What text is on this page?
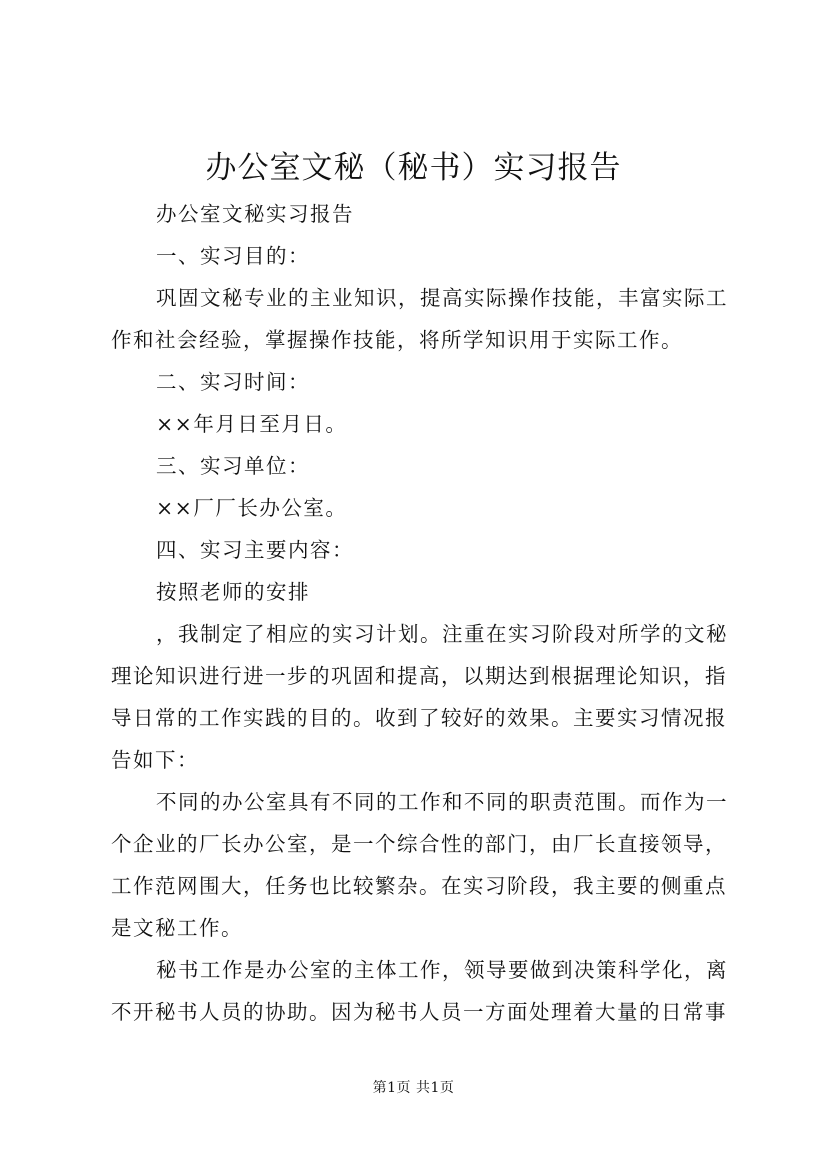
办公室文秘（秘书）实习报告

办公室文秘实习报告

一、实习目的：

巩固文秘专业的主业知识，提高实际操作技能，丰富实际工

作和社会经验，掌握操作技能，将所学知识用于实际工作。

二、实习时间：

××年月日至月日。

三、实习单位：

××厂厂长办公室。

四、实习主要内容：

按照老师的安排

，我制定了相应的实习计划。注重在实习阶段对所学的文秘

理论知识进行进一步的巩固和提高，以期达到根据理论知识，指

导日常的工作实践的目的。收到了较好的效果。主要实习情况报

告如下：

不同的办公室具有不同的工作和不同的职责范围。而作为一

个企业的厂长办公室，是一个综合性的部门，由厂长直接领导，

工作范网围大，任务也比较繁杂。在实习阶段，我主要的侧重点

是文秘工作。

秘书工作是办公室的主体工作，领导要做到决策科学化，离

不开秘书人员的协助。因为秘书人员一方面处理着大量的日常事

第1页 共1页
